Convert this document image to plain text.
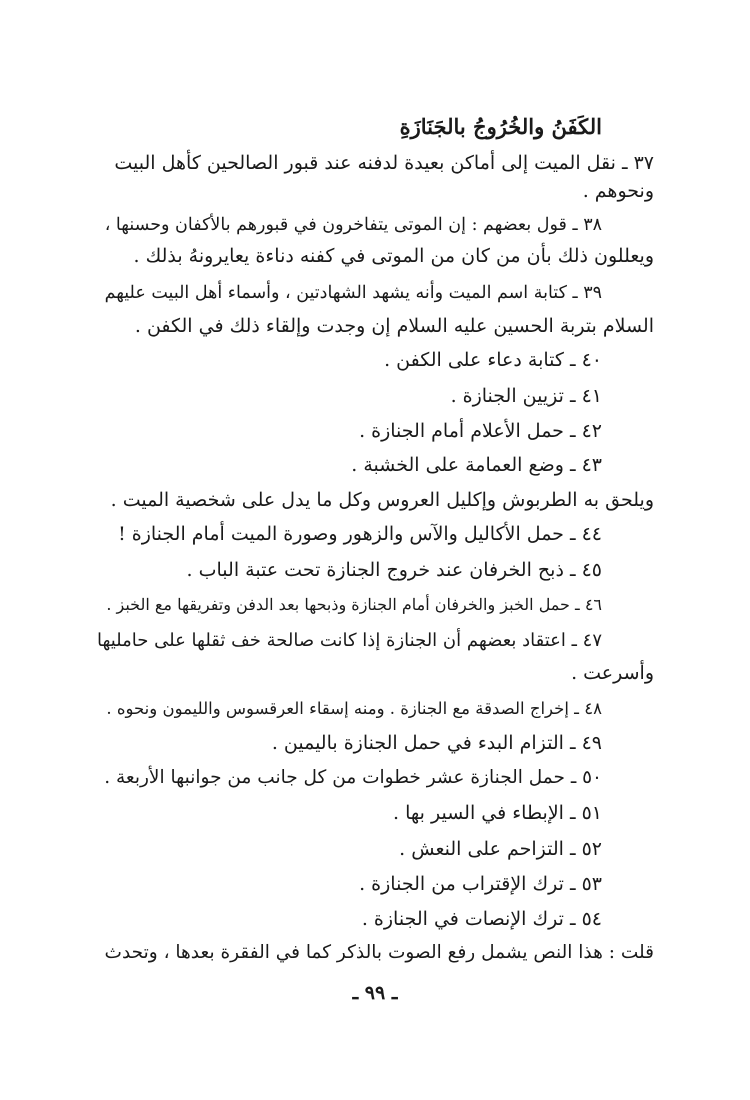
الكَفَنُ والخُرُوجُ بالجَنَازَةِ
٣٧ ـ نقل الميت إلى أماكن بعيدة لدفنه عند قبور الصالحين كأهل البيت
ونحوهم .
٣٨ ـ قول بعضهم : إن الموتى يتفاخرون في قبورهم بالأكفان وحسنها ،
ويعللون ذلك بأن من كان من الموتى في كفنه دناءة يعايرونهُ بذلك .
٣٩ ـ كتابة اسم الميت وأنه يشهد الشهادتين ، وأسماء أهل البيت عليهم
السلام بتربة الحسين عليه السلام إن وجدت وإلقاء ذلك في الكفن .
٤٠ ـ كتابة دعاء على الكفن .
٤١ ـ تزيين الجنازة .
٤٢ ـ حمل الأعلام أمام الجنازة .
٤٣ ـ وضع العمامة على الخشبة .
ويلحق به الطربوش وإكليل العروس وكل ما يدل على شخصية الميت .
٤٤ ـ حمل الأكاليل والآس والزهور وصورة الميت أمام الجنازة !
٤٥ ـ ذبح الخرفان عند خروج الجنازة تحت عتبة الباب .
٤٦ ـ حمل الخبز والخرفان أمام الجنازة وذبحها بعد الدفن وتفريقها مع الخبز .
٤٧ ـ اعتقاد بعضهم أن الجنازة إذا كانت صالحة خف ثقلها على حامليها
وأسرعت .
٤٨ ـ إخراج الصدقة مع الجنازة . ومنه إسقاء العرقسوس والليمون ونحوه .
٤٩ ـ التزام البدء في حمل الجنازة باليمين .
٥٠ ـ حمل الجنازة عشر خطوات من كل جانب من جوانبها الأربعة .
٥١ ـ الإبطاء في السير بها .
٥٢ ـ التزاحم على النعش .
٥٣ ـ ترك الإقتراب من الجنازة .
٥٤ ـ ترك الإنصات في الجنازة .
قلت : هذا النص يشمل رفع الصوت بالذكر كما في الفقرة بعدها ، وتحدث
ـ ٩٩ ـ
